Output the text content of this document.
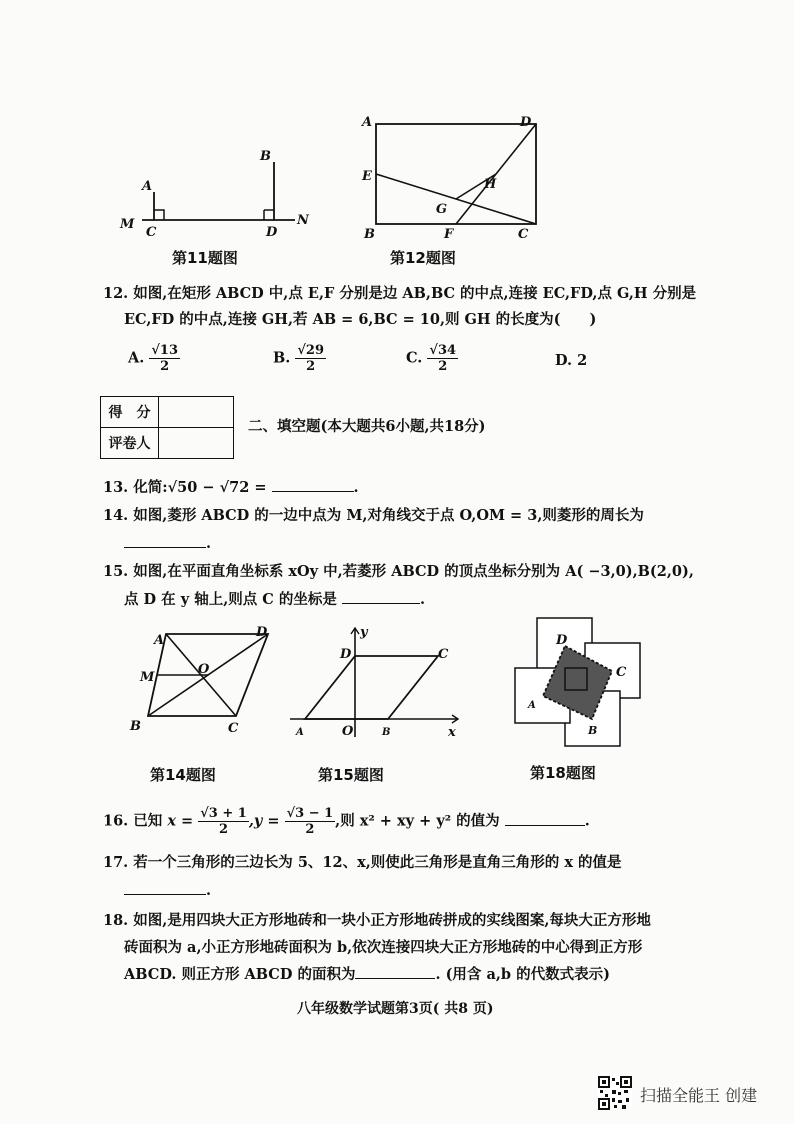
A
B
M
C	D
N
第11题图
A	D
E
H
G
B	F	C
第12题图
12. 如图,在矩形 ABCD 中,点 E,F 分别是边 AB,BC 的中点,连接 EC,FD,点 G,H 分别是
EC,FD 的中点,连接 GH,若 AB = 6,BC = 10,则 GH 的长度为(　　)
A. $\frac{√13}{2}$	B. $\frac{√29}{2}$	C. $\frac{√34}{2}$	D. 2
得　分	
评卷人	
二、填空题(本大题共6小题,共18分)
13. 化简:√50 − √72 =	.
14. 如图,菱形 ABCD 的一边中点为 M,对角线交于点 O,OM = 3,则菱形的周长为
.
15. 如图,在平面直角坐标系 xOy 中,若菱形 ABCD 的顶点坐标分别为 A( −3,0),B(2,0),
点 D 在 y 轴上,则点 C 的坐标是	.
A
D
M
O
B	C
第14题图
y
D	C
A	O	B	x
第15题图
D
C
A
B
第18题图
16. 已知 $x = \frac{√3 + 1}{2} ,y = \frac{√3 - 1}{2}$ ,则 x² + xy + y² 的值为	.
17. 若一个三角形的三边长为 5、12、x,则使此三角形是直角三角形的 x 的值是
.
18. 如图,是用四块大正方形地砖和一块小正方形地砖拼成的实线图案,每块大正方形地
砖面积为 a,小正方形地砖面积为 b,依次连接四块大正方形地砖的中心得到正方形
ABCD. 则正方形 ABCD 的面积为	. (用含 a,b 的代数式表示)
八年级数学试题第3页( 共8 页)
扫描全能王 创建
